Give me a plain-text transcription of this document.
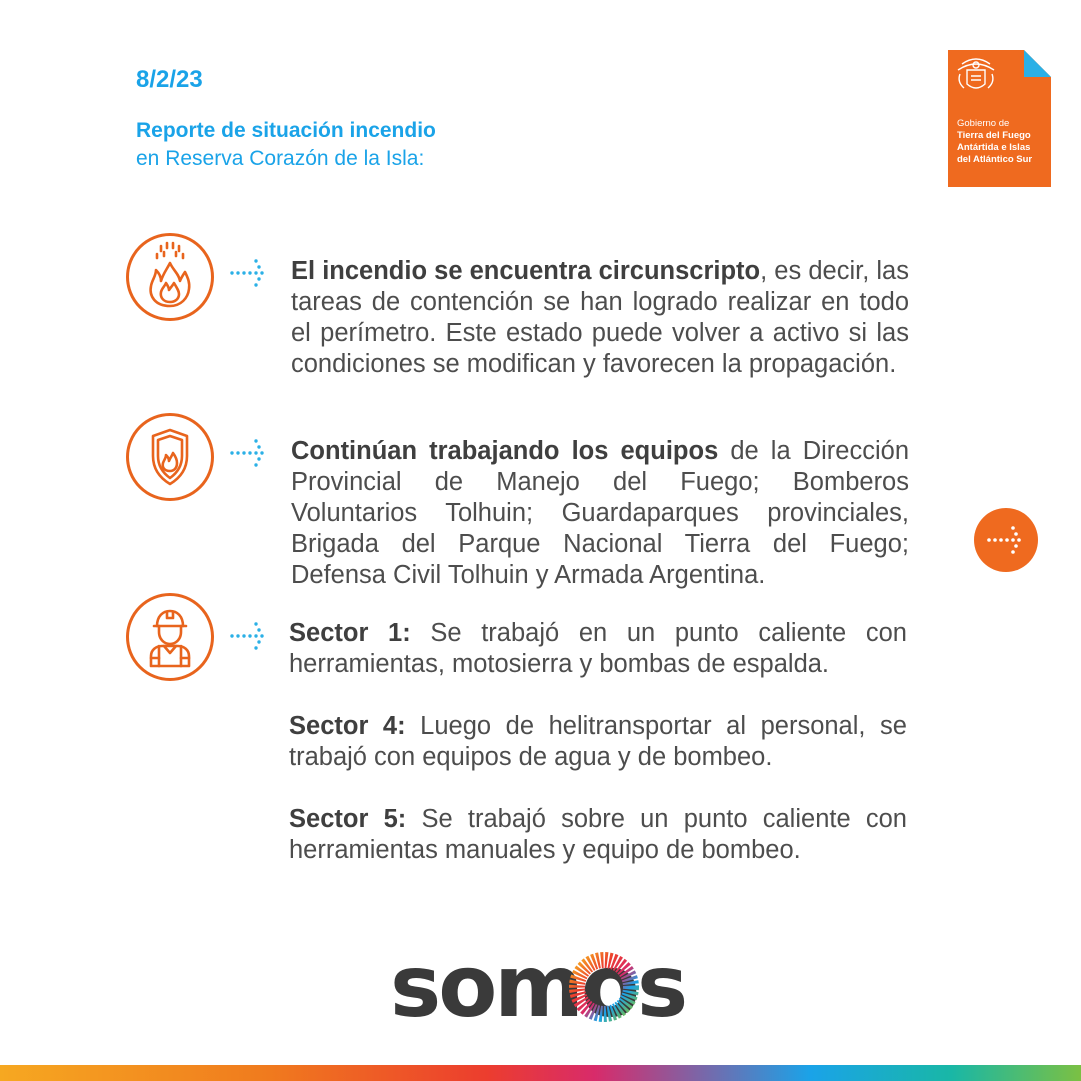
8/2/23
Reporte de situación incendio
en Reserva Corazón de la Isla:
Gobierno de
Tierra del Fuego
Antártida e Islas
del Atlántico Sur

El incendio se encuentra circunscripto, es decir, las tareas de contención se han logrado realizar en todo el perímetro. Este estado puede volver a activo si las condiciones se modifican y favorecen la propagación.

Continúan trabajando los equipos de la Dirección Provincial de Manejo del Fuego; Bomberos Voluntarios Tolhuin; Guardaparques provinciales, Brigada del Parque Nacional Tierra del Fuego; Defensa Civil Tolhuin y Armada Argentina.

Sector 1: Se trabajó en un punto caliente con herramientas, motosierra y bombas de espalda.

Sector 4: Luego de helitransportar al personal, se trabajó con equipos de agua y de bombeo.

Sector 5: Se trabajó sobre un punto caliente con herramientas manuales y equipo de bombeo.

somos
